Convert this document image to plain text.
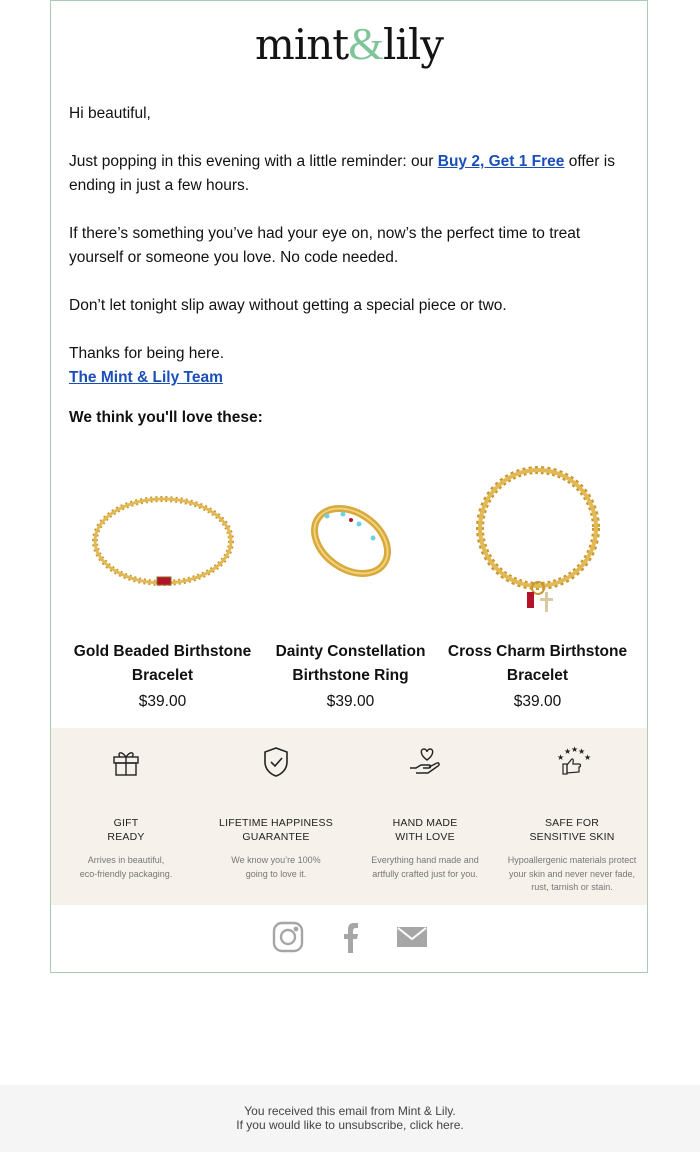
mint&lily

Hi beautiful,

Just popping in this evening with a little reminder: our Buy 2, Get 1 Free offer is ending in just a few hours.

If there’s something you’ve had your eye on, now’s the perfect time to treat yourself or someone you love. No code needed.

Don’t let tonight slip away without getting a special piece or two.

Thanks for being here.

The Mint & Lily Team

We think you'll love these:
Gold Beaded Birthstone
Bracelet
$39.00
Dainty Constellation
Birthstone Ring
$39.00
Cross Charm Birthstone
Bracelet
$39.00
GIFT
READY
Arrives in beautiful,
eco-friendly packaging.
LIFETIME HAPPINESS
GUARANTEE
We know you’re 100%
going to love it.
HAND MADE
WITH LOVE
Everything hand made and
artfully crafted just for you.
★
★ ★ ★
★
SAFE FOR
SENSITIVE SKIN
Hypoallergenic materials protect
your skin and never never fade,
rust, tarnish or stain.
You received this email from Mint & Lily.
If you would like to unsubscribe, click here.
